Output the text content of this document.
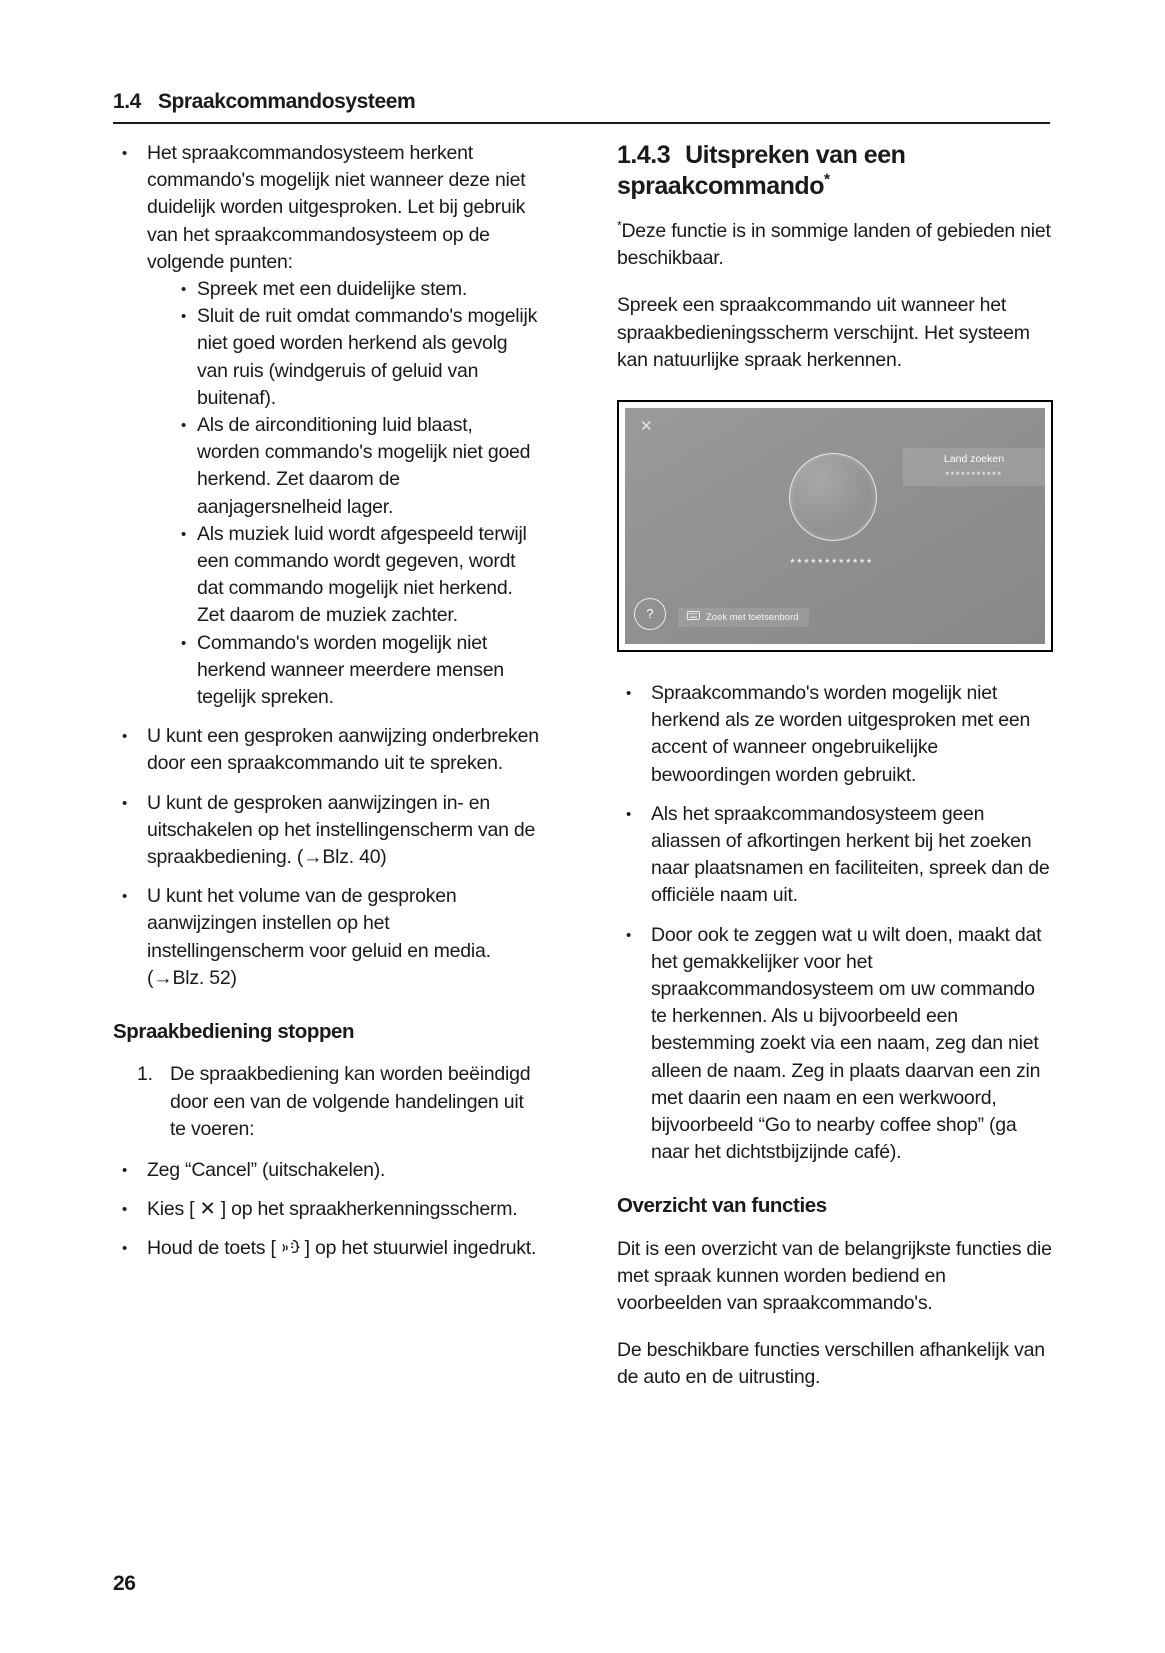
1.4 Spraakcommandosysteem
• Het spraakcommandosysteem herkent commando's mogelijk niet wanneer deze niet duidelijk worden uitgesproken. Let bij gebruik van het spraakcommandosysteem op de volgende punten:
• Spreek met een duidelijke stem.
• Sluit de ruit omdat commando's mogelijk niet goed worden herkend als gevolg van ruis (windgeruis of geluid van buitenaf).
• Als de airconditioning luid blaast, worden commando's mogelijk niet goed herkend. Zet daarom de aanjagersnelheid lager.
• Als muziek luid wordt afgespeeld terwijl een commando wordt gegeven, wordt dat commando mogelijk niet herkend. Zet daarom de muziek zachter.
• Commando's worden mogelijk niet herkend wanneer meerdere mensen tegelijk spreken.
• U kunt een gesproken aanwijzing onderbreken door een spraakcommando uit te spreken.
• U kunt de gesproken aanwijzingen in- en uitschakelen op het instellingenscherm van de spraakbediening. (→Blz. 40)
• U kunt het volume van de gesproken aanwijzingen instellen op het instellingenscherm voor geluid en media. (→Blz. 52)
Spraakbediening stoppen
1. De spraakbediening kan worden beëindigd door een van de volgende handelingen uit te voeren:
• Zeg “Cancel” (uitschakelen).
• Kies [ ✕ ] op het spraakherkenningsscherm.
• Houd de toets [ ] op het stuurwiel ingedrukt.
1.4.3 Uitspreken van een spraakcommando*

*Deze functie is in sommige landen of gebieden niet beschikbaar.

Spreek een spraakcommando uit wanneer het spraakbedieningsscherm verschijnt. Het systeem kan natuurlijke spraak herkennen.

✕
Land zoeken
***********
************
?	Zoek met toetsenbord
• Spraakcommando's worden mogelijk niet herkend als ze worden uitgesproken met een accent of wanneer ongebruikelijke bewoordingen worden gebruikt.
• Als het spraakcommandosysteem geen aliassen of afkortingen herkent bij het zoeken naar plaatsnamen en faciliteiten, spreek dan de officiële naam uit.
• Door ook te zeggen wat u wilt doen, maakt dat het gemakkelijker voor het spraakcommandosysteem om uw commando te herkennen. Als u bijvoorbeeld een bestemming zoekt via een naam, zeg dan niet alleen de naam. Zeg in plaats daarvan een zin met daarin een naam en een werkwoord, bijvoorbeeld “Go to nearby coffee shop” (ga naar het dichtstbijzijnde café).
Overzicht van functies

Dit is een overzicht van de belangrijkste functies die met spraak kunnen worden bediend en voorbeelden van spraakcommando's.

De beschikbare functies verschillen afhankelijk van de auto en de uitrusting.

26
